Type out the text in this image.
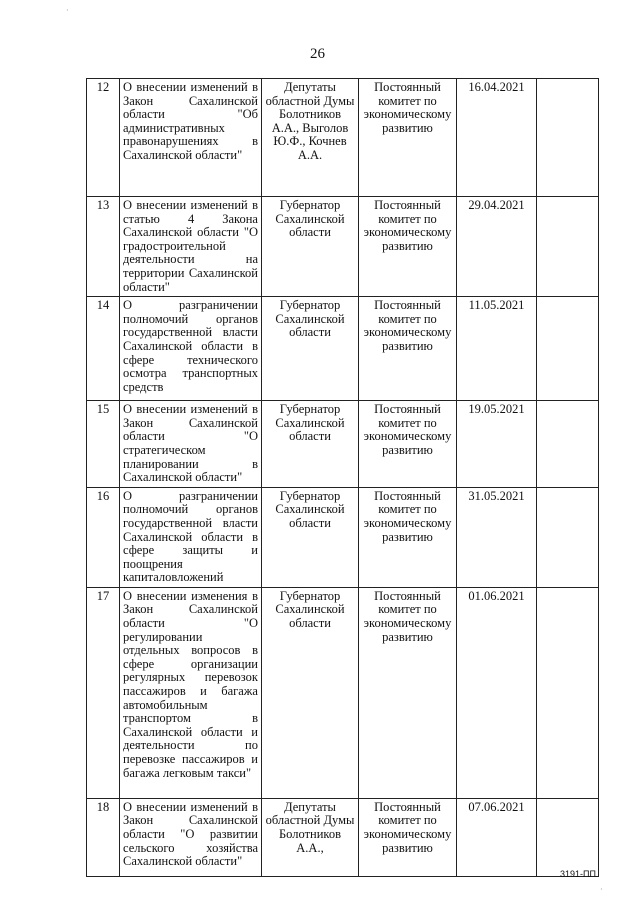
26
12	О внесении изменений в Закон Сахалинской области "Об административных правонарушениях в Сахалинской области"	Депутаты областной Думы Болотников А.А., Выголов Ю.Ф., Кочнев А.А.	Постоянный комитет по экономическому развитию	16.04.2021	
13	О внесении изменений в статью 4 Закона Сахалинской области "О градостроительной деятельности на территории Сахалинской области"	Губернатор Сахалинской области	Постоянный комитет по экономическому развитию	29.04.2021	
14	О разграничении полномочий органов государственной власти Сахалинской области в сфере технического осмотра транспортных средств	Губернатор Сахалинской области	Постоянный комитет по экономическому развитию	11.05.2021	
15	О внесении изменений в Закон Сахалинской области "О стратегическом планировании в Сахалинской области"	Губернатор Сахалинской области	Постоянный комитет по экономическому развитию	19.05.2021	
16	О разграничении полномочий органов государственной власти Сахалинской области в сфере защиты и поощрения капиталовложений	Губернатор Сахалинской области	Постоянный комитет по экономическому развитию	31.05.2021	
17	О внесении изменения в Закон Сахалинской области "О регулировании отдельных вопросов в сфере организации регулярных перевозок пассажиров и багажа автомобильным транспортом в Сахалинской области и деятельности по перевозке пассажиров и багажа легковым такси"	Губернатор Сахалинской области	Постоянный комитет по экономическому развитию	01.06.2021	
18	О внесении изменений в Закон Сахалинской области "О развитии сельского хозяйства Сахалинской области"	Депутаты областной Думы Болотников А.А.,	Постоянный комитет по экономическому развитию	07.06.2021	
3191-ПП
·
·
